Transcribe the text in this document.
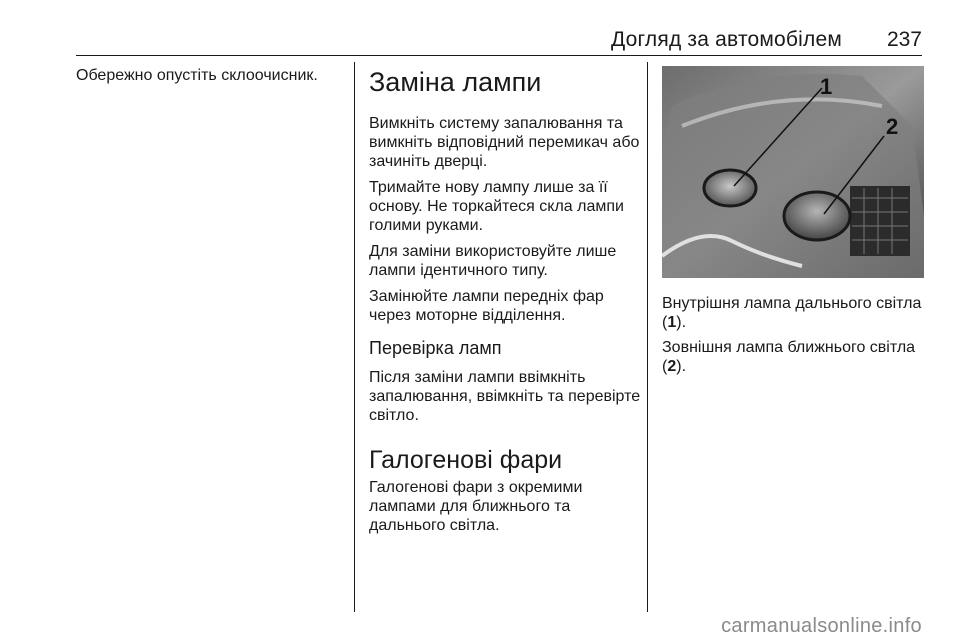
Догляд за автомобілем 237

Обережно опустіть склоочисник.	Заміна лампи

Вимкніть систему запалювання та вимкніть відповідний перемикач або зачиніть дверці.

Тримайте нову лампу лише за її основу. Не торкайтеся скла лампи голими руками.

Для заміни використовуйте лише лампи ідентичного типу.

Замінюйте лампи передніх фар через моторне відділення.

Перевірка ламп

Після заміни лампи ввімкніть запалювання, ввімкніть та перевірте світло.

Галогенові фари

Галогенові фари з окремими лампами для ближнього та дальнього світла.

1
2

Внутрішня лампа дальнього світла (1).

Зовнішня лампа ближнього світла (2).

carmanualsonline.info
